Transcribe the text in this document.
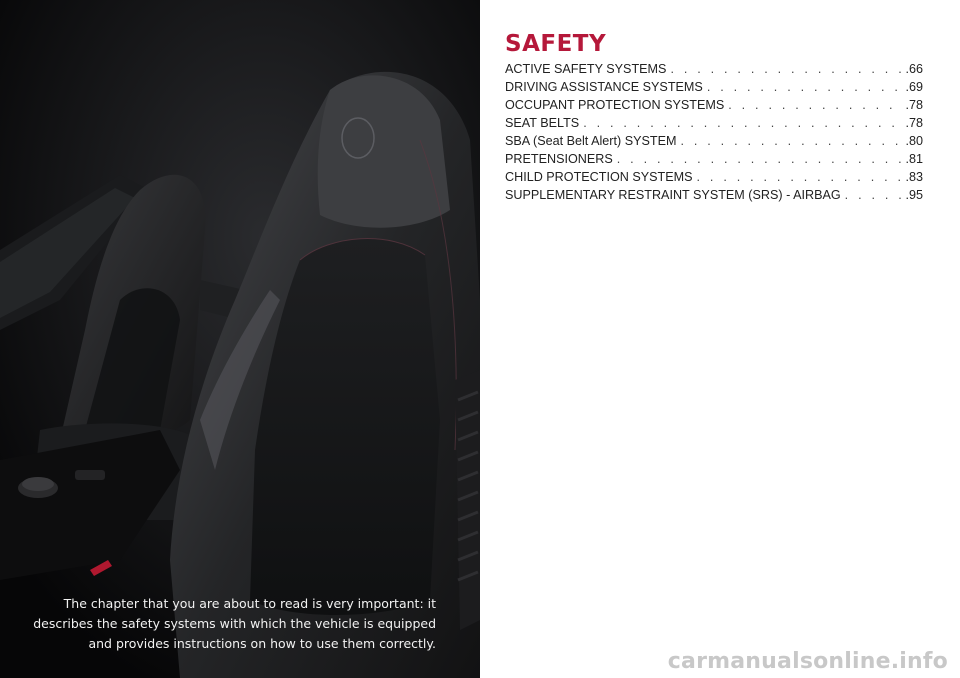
The chapter that you are about to read is very important: it
describes the safety systems with which the vehicle is equipped
and provides instructions on how to use them correctly.
SAFETY
ACTIVE SAFETY SYSTEMS . . .	.66
DRIVING ASSISTANCE SYSTEMS . . .	.69
OCCUPANT PROTECTION SYSTEMS . . .	.78
SEAT BELTS . . .	.78
SBA (Seat Belt Alert) SYSTEM . . .	.80
PRETENSIONERS . . .	.81
CHILD PROTECTION SYSTEMS . . .	.83
SUPPLEMENTARY RESTRAINT SYSTEM (SRS) - AIRBAG . . .	.95
carmanualsonline.info
